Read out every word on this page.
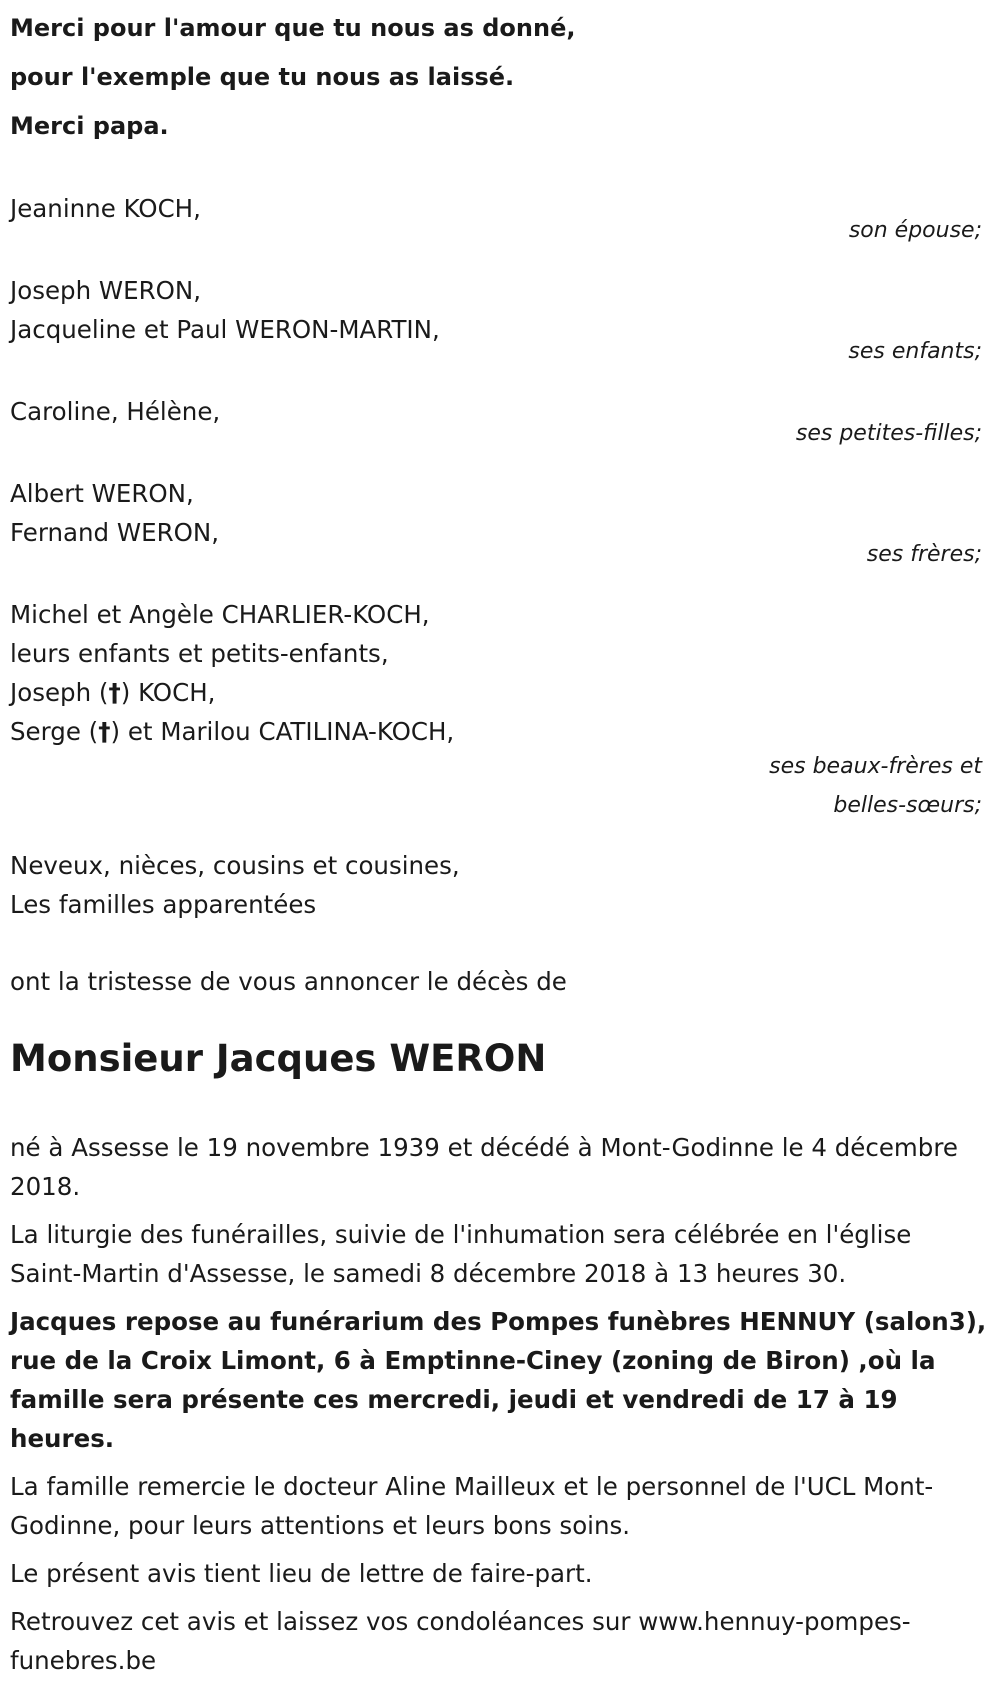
Merci pour l'amour que tu nous as donné,
pour l'exemple que tu nous as laissé.
Merci papa.

Jeaninne KOCH,
son épouse;
Joseph WERON,
Jacqueline et Paul WERON-MARTIN,
ses enfants;
Caroline, Hélène,
ses petites-filles;
Albert WERON,
Fernand WERON,
ses frères;
Michel et Angèle CHARLIER-KOCH,
leurs enfants et petits-enfants,
Joseph (†) KOCH,
Serge (†) et Marilou CATILINA-KOCH,
ses beaux-frères et
belles-sœurs;
Neveux, nièces, cousins et cousines,
Les familles apparentées
ont la tristesse de vous annoncer le décès de
Monsieur Jacques WERON

né à Assesse le 19 novembre 1939 et décédé à Mont-Godinne le 4 décembre 2018.

La liturgie des funérailles, suivie de l'inhumation sera célébrée en l'église Saint-Martin d'Assesse, le samedi 8 décembre 2018 à 13 heures 30.

Jacques repose au funérarium des Pompes funèbres HENNUY (salon3), rue de la Croix Limont, 6 à Emptinne-Ciney (zoning de Biron) ,où la famille sera présente ces mercredi, jeudi et vendredi de 17 à 19 heures.

La famille remercie le docteur Aline Mailleux et le personnel de l'UCL Mont-Godinne, pour leurs attentions et leurs bons soins.

Le présent avis tient lieu de lettre de faire-part.

Retrouvez cet avis et laissez vos condoléances sur www.hennuy-pompes-funebres.be
